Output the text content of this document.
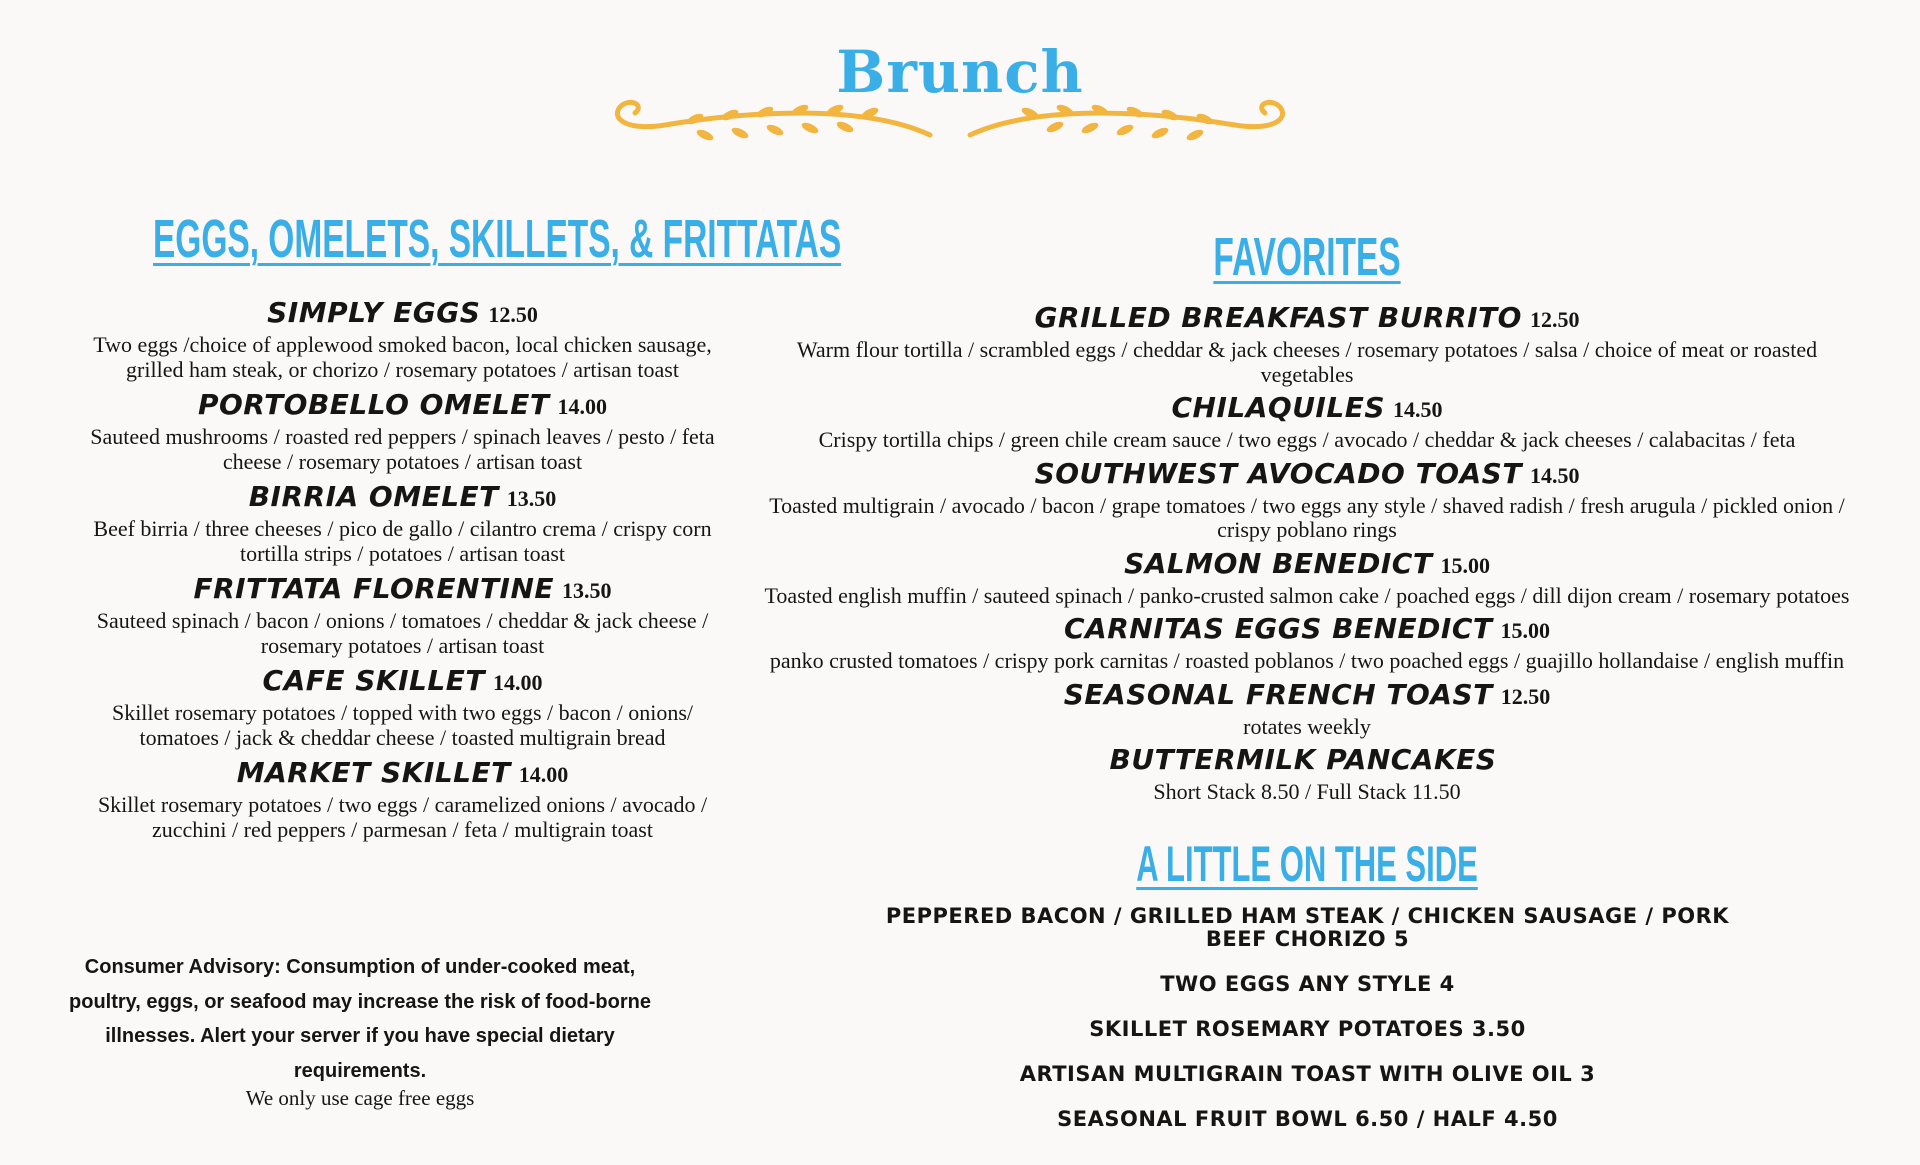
Brunch
EGGS, OMELETS, SKILLETS, & FRITTATAS
SIMPLY EGGS 12.50
Two eggs /choice of applewood smoked bacon, local chicken sausage, grilled ham steak, or chorizo / rosemary potatoes / artisan toast
PORTOBELLO OMELET 14.00
Sauteed mushrooms / roasted red peppers / spinach leaves / pesto / feta cheese / rosemary potatoes / artisan toast
BIRRIA OMELET 13.50
Beef birria / three cheeses / pico de gallo / cilantro crema / crispy corn tortilla strips / potatoes / artisan toast
FRITTATA FLORENTINE 13.50
Sauteed spinach / bacon / onions / tomatoes / cheddar & jack cheese / rosemary potatoes / artisan toast
CAFE SKILLET 14.00
Skillet rosemary potatoes / topped with two eggs / bacon / onions/ tomatoes / jack & cheddar cheese / toasted multigrain bread
MARKET SKILLET 14.00
Skillet rosemary potatoes / two eggs / caramelized onions / avocado / zucchini / red peppers / parmesan / feta / multigrain toast
Consumer Advisory: Consumption of under-cooked meat, poultry, eggs, or seafood may increase the risk of food-borne illnesses. Alert your server if you have special dietary requirements.
We only use cage free eggs
FAVORITES
GRILLED BREAKFAST BURRITO 12.50
Warm flour tortilla / scrambled eggs / cheddar & jack cheeses / rosemary potatoes / salsa / choice of meat or roasted vegetables
CHILAQUILES 14.50
Crispy tortilla chips / green chile cream sauce / two eggs / avocado / cheddar & jack cheeses / calabacitas / feta
SOUTHWEST AVOCADO TOAST 14.50
Toasted multigrain / avocado / bacon / grape tomatoes / two eggs any style / shaved radish / fresh arugula / pickled onion / crispy poblano rings
SALMON BENEDICT 15.00
Toasted english muffin / sauteed spinach / panko-crusted salmon cake / poached eggs / dill dijon cream / rosemary potatoes
CARNITAS EGGS BENEDICT 15.00
panko crusted tomatoes / crispy pork carnitas / roasted poblanos / two poached eggs / guajillo hollandaise / english muffin
SEASONAL FRENCH TOAST 12.50
rotates weekly
BUTTERMILK PANCAKES
Short Stack 8.50 / Full Stack 11.50
A LITTLE ON THE SIDE
PEPPERED BACON / GRILLED HAM STEAK / CHICKEN SAUSAGE / PORK BEEF CHORIZO 5
TWO EGGS ANY STYLE 4
SKILLET ROSEMARY POTATOES 3.50
ARTISAN MULTIGRAIN TOAST WITH OLIVE OIL 3
SEASONAL FRUIT BOWL 6.50 / HALF 4.50
